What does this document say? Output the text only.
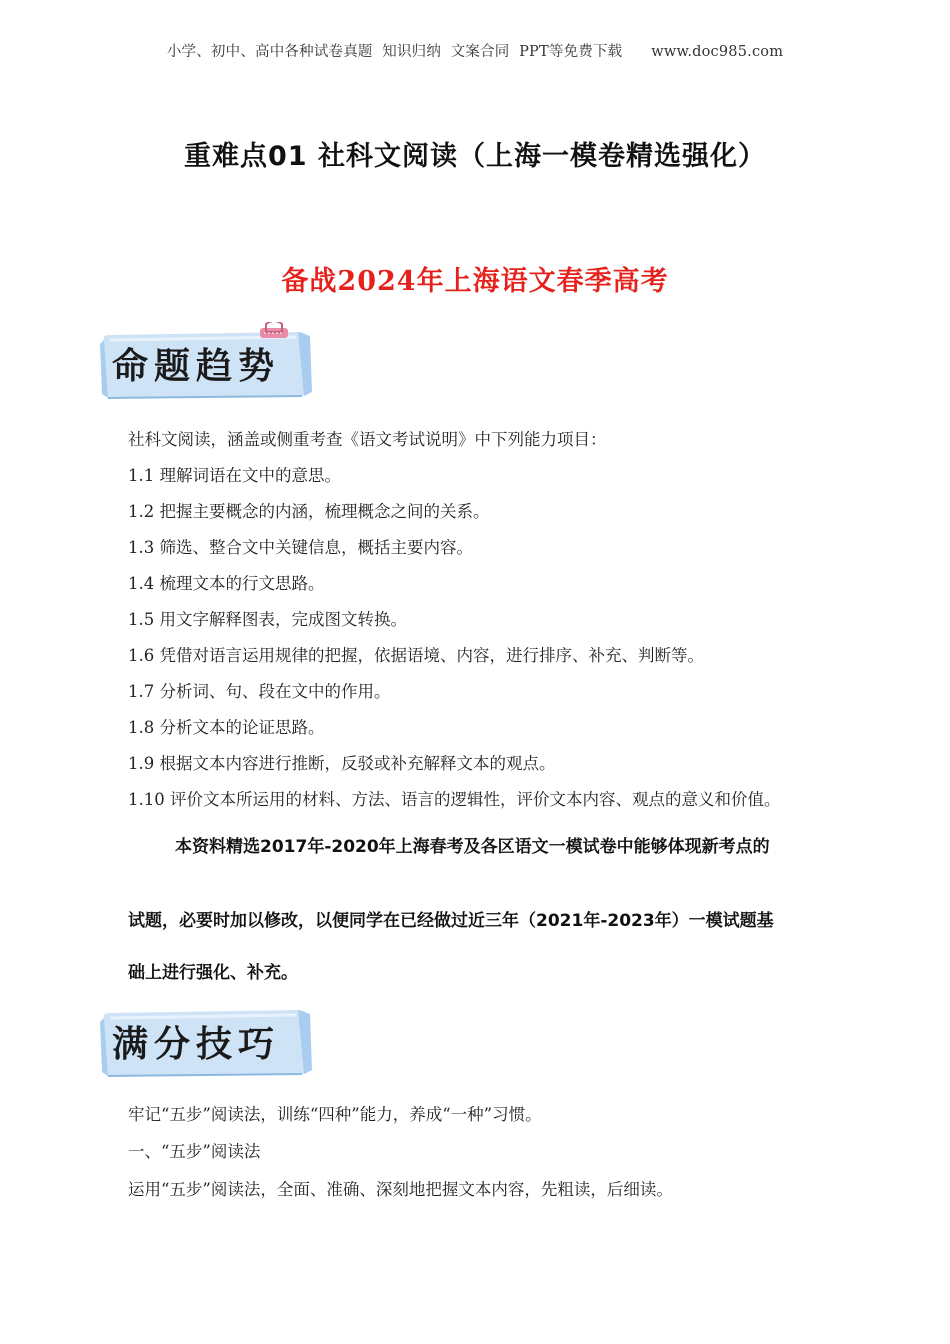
小学、初中、高中各种试卷真题  知识归纳  文案合同  PPT等免费下载      www.doc985.com
重难点01 社科文阅读（上海一模卷精选强化）
备战2024年上海语文春季高考
命题趋势
社科文阅读，涵盖或侧重考查《语文考试说明》中下列能力项目：
1.1 理解词语在文中的意思。
1.2 把握主要概念的内涵，梳理概念之间的关系。
1.3 筛选、整合文中关键信息，概括主要内容。
1.4 梳理文本的行文思路。
1.5 用文字解释图表，完成图文转换。
1.6 凭借对语言运用规律的把握，依据语境、内容，进行排序、补充、判断等。
1.7 分析词、句、段在文中的作用。
1.8 分析文本的论证思路。
1.9 根据文本内容进行推断，反驳或补充解释文本的观点。
1.10 评价文本所运用的材料、方法、语言的逻辑性，评价文本内容、观点的意义和价值。
本资料精选2017年-2020年上海春考及各区语文一模试卷中能够体现新考点的
试题，必要时加以修改，以便同学在已经做过近三年（2021年-2023年）一模试题基
础上进行强化、补充。
满分技巧
牢记“五步”阅读法，训练“四种”能力，养成“一种”习惯。
一、“五步”阅读法
运用“五步”阅读法，全面、准确、深刻地把握文本内容，先粗读，后细读。
